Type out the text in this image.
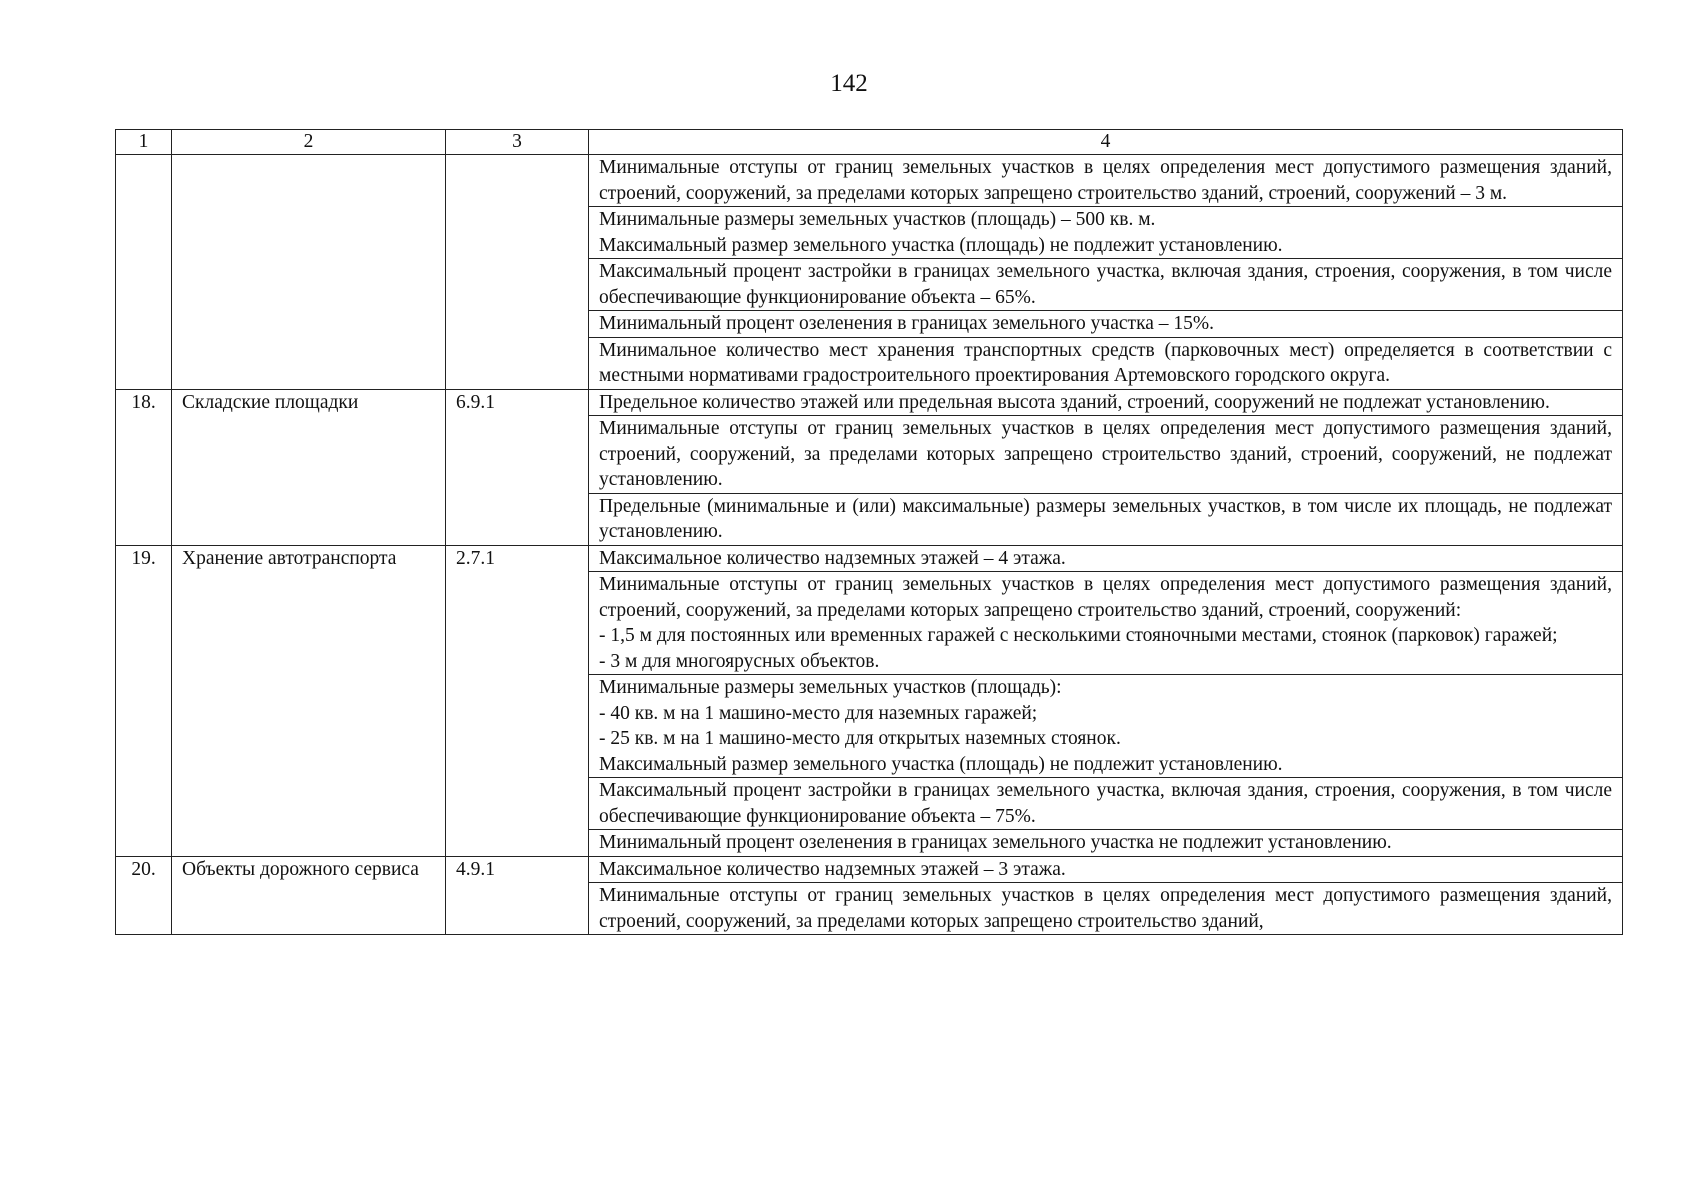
142
1	2	3	4

			Минимальные отступы от границ земельных участков в целях определения мест допустимого размещения зданий, строений, сооружений, за пределами которых запрещено строительство зданий, строений, сооружений – 3 м.

			Минимальные размеры земельных участков (площадь) – 500 кв. м.
Максимальный размер земельного участка (площадь) не подлежит установлению.

			Максимальный процент застройки в границах земельного участка, включая здания, строения, сооружения, в том числе обеспечивающие функционирование объекта – 65%.

			Минимальный процент озеленения в границах земельного участка – 15%.

			Минимальное количество мест хранения транспортных средств (парковочных мест) определяется в соответствии с местными нормативами градостроительного проектирования Артемовского городского округа.

18.	Складские площадки	6.9.1	Предельное количество этажей или предельная высота зданий, строений, сооружений не подлежат установлению.

			Минимальные отступы от границ земельных участков в целях определения мест допустимого размещения зданий, строений, сооружений, за пределами которых запрещено строительство зданий, строений, сооружений, не подлежат установлению.

			Предельные (минимальные и (или) максимальные) размеры земельных участков, в том числе их площадь, не подлежат установлению.

19.	Хранение автотранспорта	2.7.1	Максимальное количество надземных этажей – 4 этажа.

			Минимальные отступы от границ земельных участков в целях определения мест допустимого размещения зданий, строений, сооружений, за пределами которых запрещено строительство зданий, строений, сооружений:
- 1,5 м для постоянных или временных гаражей с несколькими стояночными местами, стоянок (парковок) гаражей;
- 3 м для многоярусных объектов.

			Минимальные размеры земельных участков (площадь):
- 40 кв. м на 1 машино-место для наземных гаражей;
- 25 кв. м на 1 машино-место для открытых наземных стоянок.
Максимальный размер земельного участка (площадь) не подлежит установлению.

			Максимальный процент застройки в границах земельного участка, включая здания, строения, сооружения, в том числе обеспечивающие функционирование объекта – 75%.

			Минимальный процент озеленения в границах земельного участка не подлежит установлению.

20.	Объекты дорожного сервиса	4.9.1	Максимальное количество надземных этажей – 3 этажа.

			Минимальные отступы от границ земельных участков в целях определения мест допустимого размещения зданий, строений, сооружений, за пределами которых запрещено строительство зданий,
